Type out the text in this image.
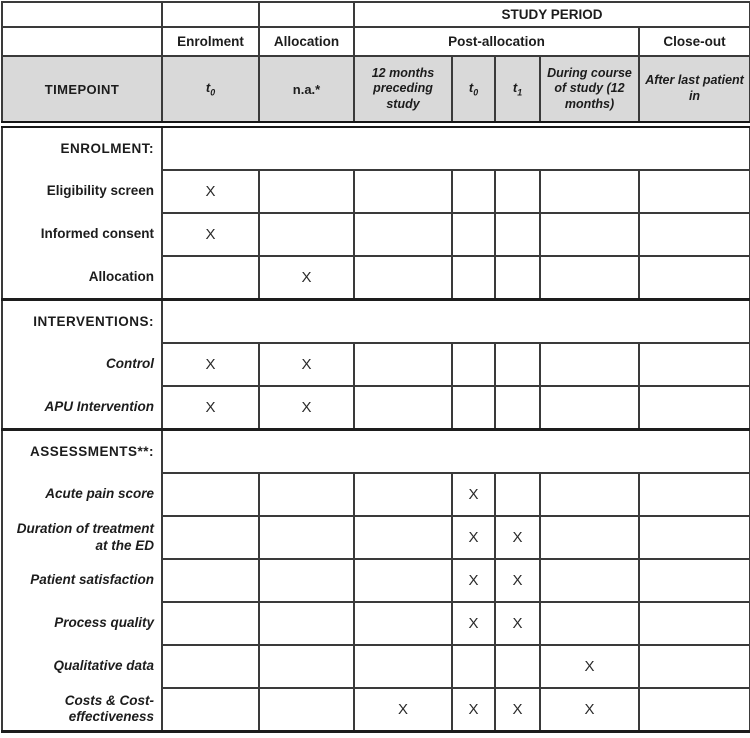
			STUDY PERIOD				
	Enrolment	Allocation	Post-allocation				Close-out
TIMEPOINT	$t_0$	n.a.*	12 months preceding study	$t_0$	$t_1$	During course of study (12 months)	After last patient in
ENROLMENT:							
Eligibility screen	X						
Informed consent	X						
Allocation		X					
INTERVENTIONS:							
Control	X	X					
APU Intervention	X	X					
ASSESSMENTS**:							
Acute pain score				X			
Duration of treatment at the ED				X	X		
Patient satisfaction				X	X		
Process quality				X	X		
Qualitative data						X	
Costs & Cost-effectiveness			X	X	X	X	
